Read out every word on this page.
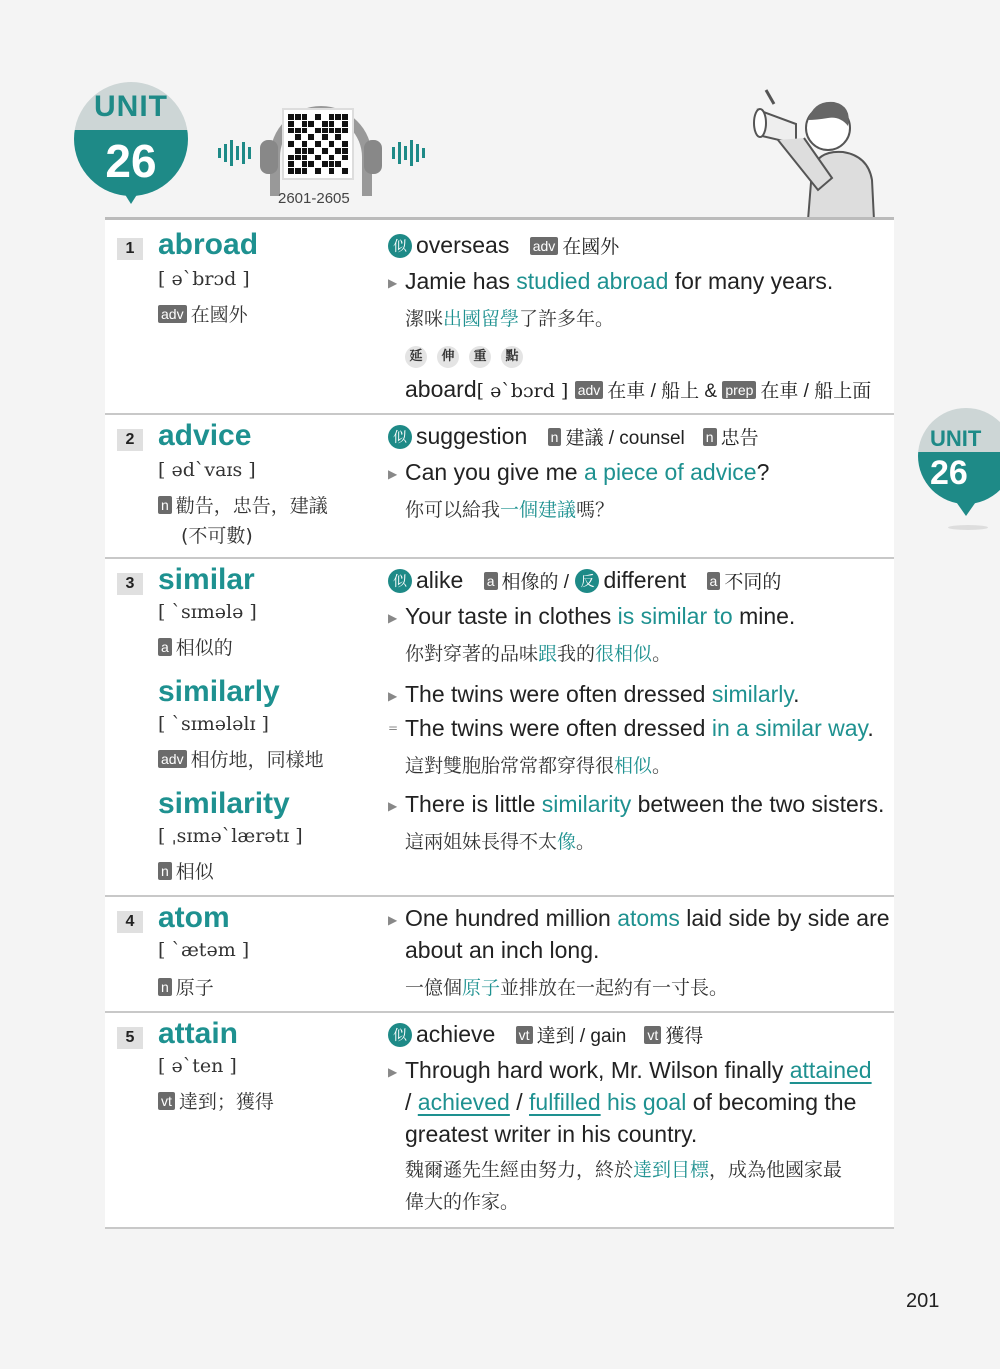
UNIT
26
2601-2605
1 abroad
[ əˋbrɔd ]
adv 在國外
似 overseas adv 在國外
▶ Jamie has studied abroad for many years.
潔咪出國留學了許多年。
延	伸	重	點
aboard[ əˋbɔrd ] adv 在車 / 船上 & prep 在車 / 船上面
2 advice
[ ədˋvaɪs ]
n 勸告，忠告，建議
(不可數)
似 suggestion n 建議 / counsel n 忠告
▶ Can you give me a piece of advice?
你可以給我一個建議嗎？
3 similar
[ ˋsɪmələ ]
a 相似的
似 alike a 相像的 / 反 different a 不同的
▶ Your taste in clothes is similar to mine.
你對穿著的品味跟我的很相似。
similarly
[ ˋsɪmələlɪ ]
adv 相仿地，同樣地
▶ The twins were often dressed similarly.
= The twins were often dressed in a similar way.
這對雙胞胎常常都穿得很相似。
similarity
[ ˌsɪməˋlærətɪ ]
n 相似
▶ There is little similarity between the two sisters.
這兩姐妹長得不太像。
4 atom
[ ˋætəm ]
n 原子
▶ One hundred million atoms laid side by side are
about an inch long.
一億個原子並排放在一起約有一寸長。
5 attain
[ əˋten ]
vt 達到；獲得
似 achieve vt 達到 / gain vt 獲得
▶ Through hard work, Mr. Wilson finally attained
/ achieved / fulfilled his goal of becoming the
greatest writer in his country.
魏爾遜先生經由努力，終於達到目標，成為他國家最
偉大的作家。
UNIT
26
201
